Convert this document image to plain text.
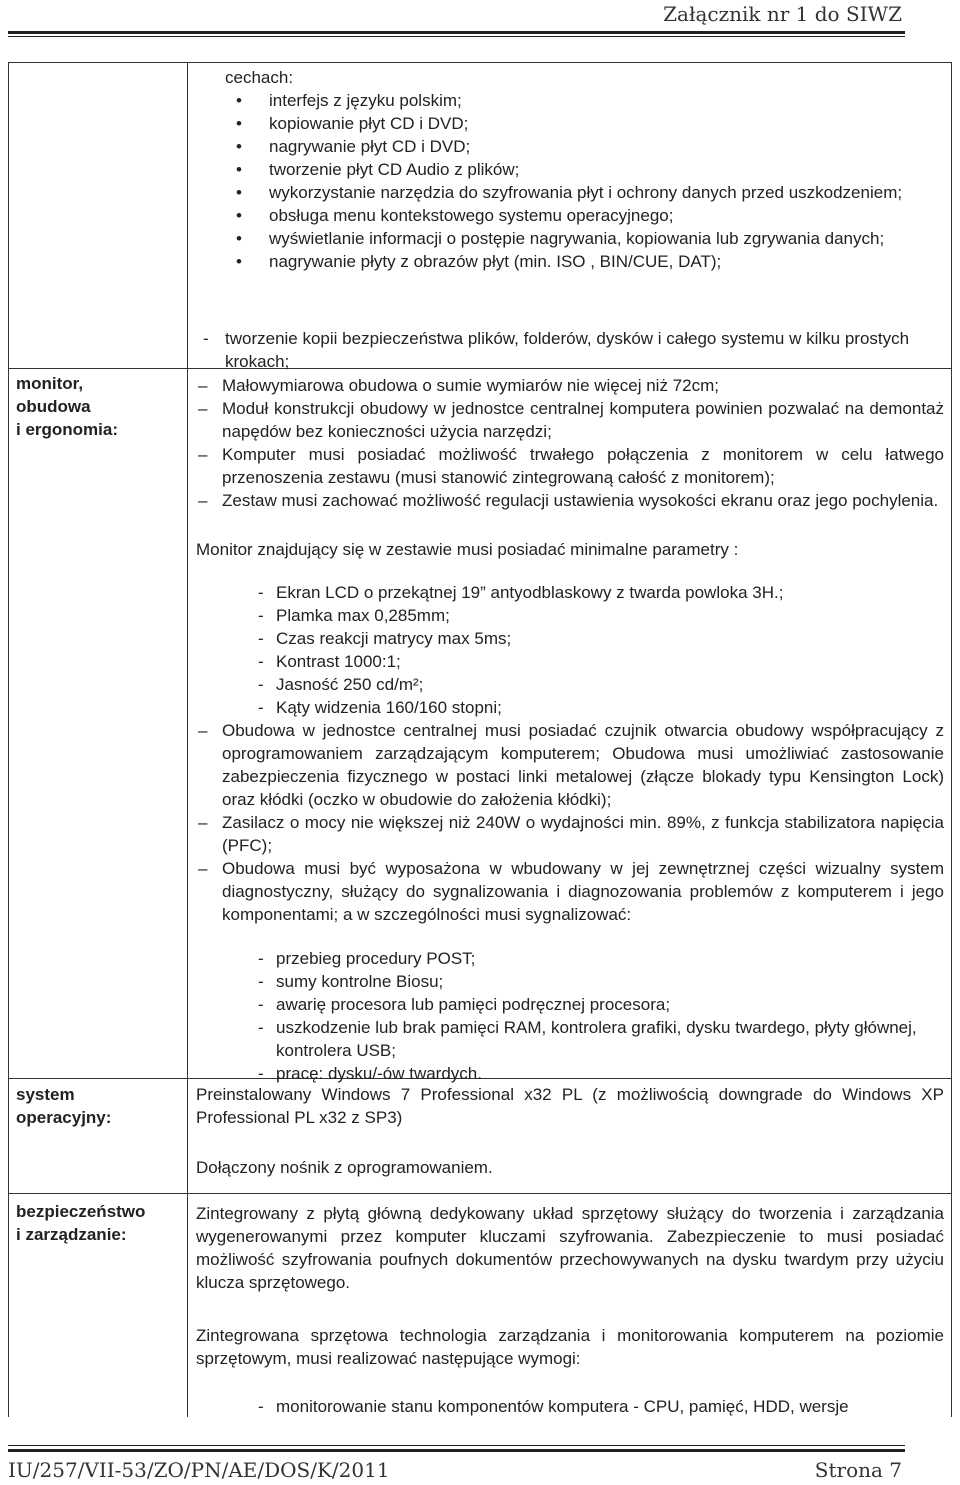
Załącznik nr 1 do SIWZ
monitor,
obudowa
i ergonomia:
system
operacyjny:
bezpieczeństwo
i zarządzanie:
cechach:
• interfejs z języku polskim;
• kopiowanie płyt CD i DVD;
• nagrywanie płyt CD i DVD;
• tworzenie płyt CD Audio z plików;
• wykorzystanie narzędzia do szyfrowania płyt i ochrony danych przed uszkodzeniem;
• obsługa menu kontekstowego systemu operacyjnego;
• wyświetlanie informacji o postępie nagrywania, kopiowania lub zgrywania danych;
• nagrywanie płyty z obrazów płyt (min. ISO , BIN/CUE, DAT);
- tworzenie kopii bezpieczeństwa plików, folderów, dysków i całego systemu w kilku prostych krokach;
– Małowymiarowa obudowa o sumie wymiarów nie więcej niż 72cm;
– Moduł konstrukcji obudowy w jednostce centralnej komputera powinien pozwalać na demontaż napędów bez konieczności użycia narzędzi;
– Komputer musi posiadać możliwość trwałego połączenia z monitorem w celu łatwego przenoszenia zestawu (musi stanowić zintegrowaną całość z monitorem);
– Zestaw musi zachować możliwość regulacji ustawienia wysokości ekranu oraz jego pochylenia.
Monitor znajdujący się w zestawie musi posiadać minimalne parametry :
- Ekran LCD o przekątnej 19” antyodblaskowy z twarda powloka 3H.;
- Plamka max 0,285mm;
- Czas reakcji matrycy max 5ms;
- Kontrast 1000:1;
- Jasność 250 cd/m²;
- Kąty widzenia 160/160 stopni;
– Obudowa w jednostce centralnej musi posiadać czujnik otwarcia obudowy współpracujący z oprogramowaniem zarządzającym komputerem; Obudowa musi umożliwiać zastosowanie zabezpieczenia fizycznego w postaci linki metalowej (złącze blokady typu Kensington Lock) oraz kłódki (oczko w obudowie do założenia kłódki);
– Zasilacz o mocy nie większej niż 240W o wydajności min. 89%, z funkcja stabilizatora napięcia (PFC);
– Obudowa musi być wyposażona w wbudowany w jej zewnętrznej części wizualny system diagnostyczny, służący do sygnalizowania i diagnozowania problemów z komputerem i jego komponentami; a w szczególności musi sygnalizować:
- przebieg procedury POST;
- sumy kontrolne Biosu;
- awarię procesora lub pamięci podręcznej procesora;
- uszkodzenie lub brak pamięci RAM, kontrolera grafiki, dysku twardego, płyty głównej, kontrolera USB;
- pracę: dysku/-ów twardych.
Preinstalowany Windows 7 Professional x32 PL (z możliwością downgrade do Windows XP Professional PL x32 z SP3)
Dołączony nośnik z oprogramowaniem.
Zintegrowany z płytą główną dedykowany układ sprzętowy służący do tworzenia i zarządzania wygenerowanymi przez komputer kluczami szyfrowania. Zabezpieczenie to musi posiadać możliwość szyfrowania poufnych dokumentów przechowywanych na dysku twardym przy użyciu klucza sprzętowego.
Zintegrowana sprzętowa technologia zarządzania i monitorowania komputerem na poziomie sprzętowym, musi realizować następujące wymogi:
- monitorowanie stanu komponentów komputera - CPU, pamięć, HDD, wersje
IU/257/VII-53/ZO/PN/AE/DOS/K/2011	Strona 7
